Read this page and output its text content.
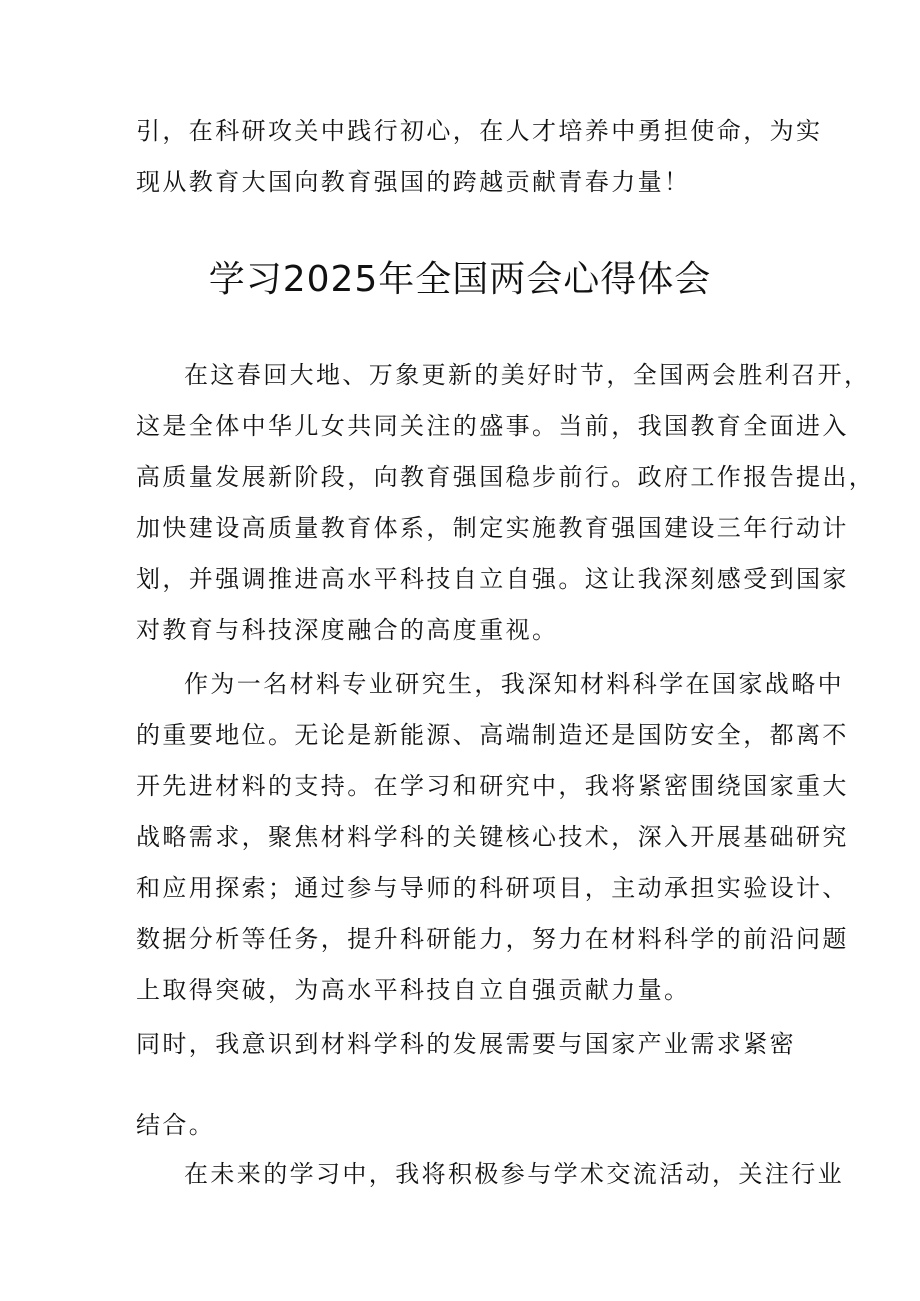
引，在科研攻关中践行初心，在人才培养中勇担使命，为实
现从教育大国向教育强国的跨越贡献青春力量！
学习2025年全国两会心得体会
在这春回大地、万象更新的美好时节，全国两会胜利召开，
这是全体中华儿女共同关注的盛事。当前，我国教育全面进入
高质量发展新阶段，向教育强国稳步前行。政府工作报告提出，
加快建设高质量教育体系，制定实施教育强国建设三年行动计
划，并强调推进高水平科技自立自强。这让我深刻感受到国家
对教育与科技深度融合的高度重视。
作为一名材料专业研究生，我深知材料科学在国家战略中
的重要地位。无论是新能源、高端制造还是国防安全，都离不
开先进材料的支持。在学习和研究中，我将紧密围绕国家重大
战略需求，聚焦材料学科的关键核心技术，深入开展基础研究
和应用探索；通过参与导师的科研项目，主动承担实验设计、
数据分析等任务，提升科研能力，努力在材料科学的前沿问题
上取得突破，为高水平科技自立自强贡献力量。
同时，我意识到材料学科的发展需要与国家产业需求紧密
结合。
在未来的学习中，我将积极参与学术交流活动，关注行业
